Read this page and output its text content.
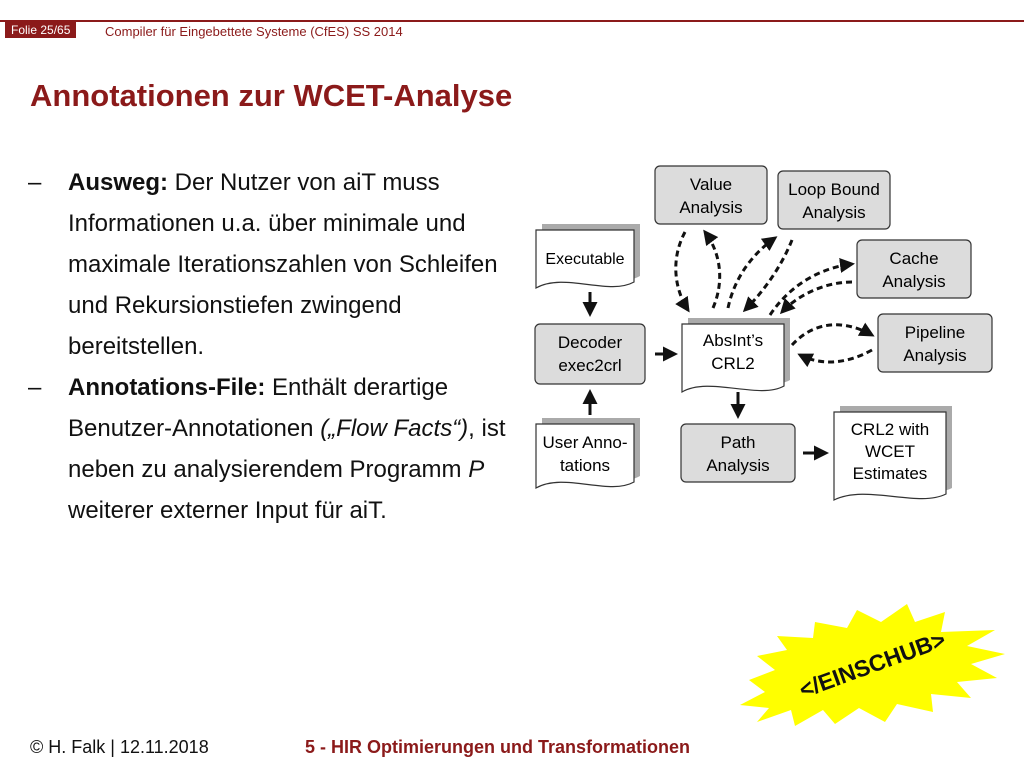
Folie 25/65	Compiler für Eingebettete Systeme (CfES) SS 2014
Annotationen zur WCET-Analyse
– Ausweg: Der Nutzer von aiT muss Informationen u.a. über minimale und maximale Iterationszahlen von Schleifen und Rekursionstiefen zwingend bereitstellen.
– Annotations-File: Enthält derartige Benutzer-Annotationen („Flow Facts“), ist neben zu analysierendem Programm P weiterer externer Input für aiT.
Executable
Decoder
exec2crl
User Anno-
tations
AbsInt’s
CRL2
Value
Analysis
Loop Bound
Analysis
Cache
Analysis
Pipeline
Analysis
Path
Analysis
CRL2 with
WCET
Estimates
</EINSCHUB>
© H. Falk | 12.11.2018	5 - HIR Optimierungen und Transformationen
